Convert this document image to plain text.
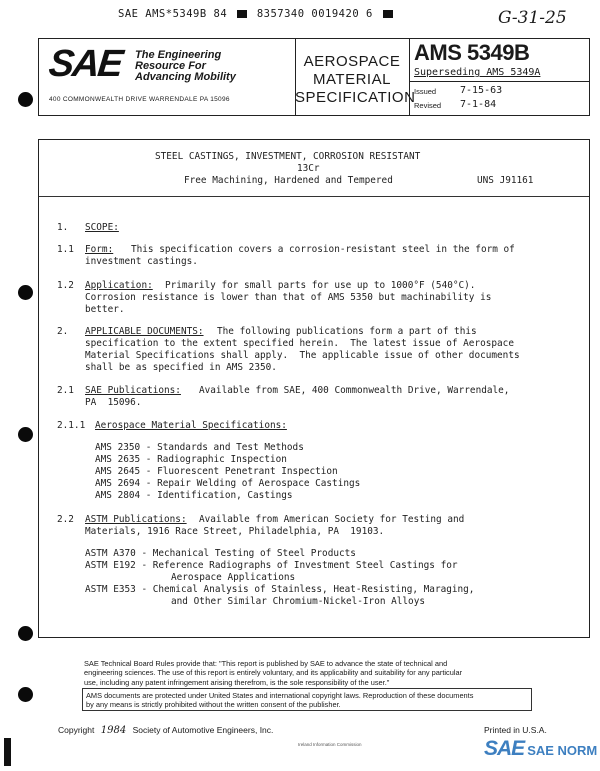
SAE AMS*5349B 84	8357340 0019420 6	G-31-25
SAE The Engineering
Resource For
Advancing Mobility
400 COMMONWEALTH DRIVE WARRENDALE PA 15096
AEROSPACE
MATERIAL
SPECIFICATION
AMS 5349B
Superseding AMS 5349A
Issued 7-15-63
Revised 7-1-84
STEEL CASTINGS, INVESTMENT, CORROSION RESISTANT
13Cr
Free Machining, Hardened and Tempered	UNS J91161
1. SCOPE:
1.1 Form: This specification covers a corrosion-resistant steel in the form of
investment castings.
1.2 Application: Primarily for small parts for use up to 1000°F (540°C).
Corrosion resistance is lower than that of AMS 5350 but machinability is
better.
2. APPLICABLE DOCUMENTS: The following publications form a part of this
specification to the extent specified herein.  The latest issue of Aerospace
Material Specifications shall apply.  The applicable issue of other documents
shall be as specified in AMS 2350.
2.1 SAE Publications: Available from SAE, 400 Commonwealth Drive, Warrendale,
PA  15096.
2.1.1 Aerospace Material Specifications:
AMS 2350 - Standards and Test Methods
AMS 2635 - Radiographic Inspection
AMS 2645 - Fluorescent Penetrant Inspection
AMS 2694 - Repair Welding of Aerospace Castings
AMS 2804 - Identification, Castings
2.2 ASTM Publications: Available from American Society for Testing and
Materials, 1916 Race Street, Philadelphia, PA  19103.
ASTM A370 - Mechanical Testing of Steel Products
ASTM E192 - Reference Radiographs of Investment Steel Castings for
Aerospace Applications
ASTM E353 - Chemical Analysis of Stainless, Heat-Resisting, Maraging,
and Other Similar Chromium-Nickel-Iron Alloys
SAE Technical Board Rules provide that: "This report is published by SAE to advance the state of technical and
engineering sciences. The use of this report is entirely voluntary, and its applicability and suitability for any particular
use, including any patent infringement arising therefrom, is the sole responsibility of the user."
AMS documents are protected under United States and international copyright laws. Reproduction of these documents
by any means is strictly prohibited without the written consent of the publisher.
Copyright 1984 Society of Automotive Engineers, Inc.	Printed in U.S.A.
Ireland Information Commission	SAE SAE NORM
